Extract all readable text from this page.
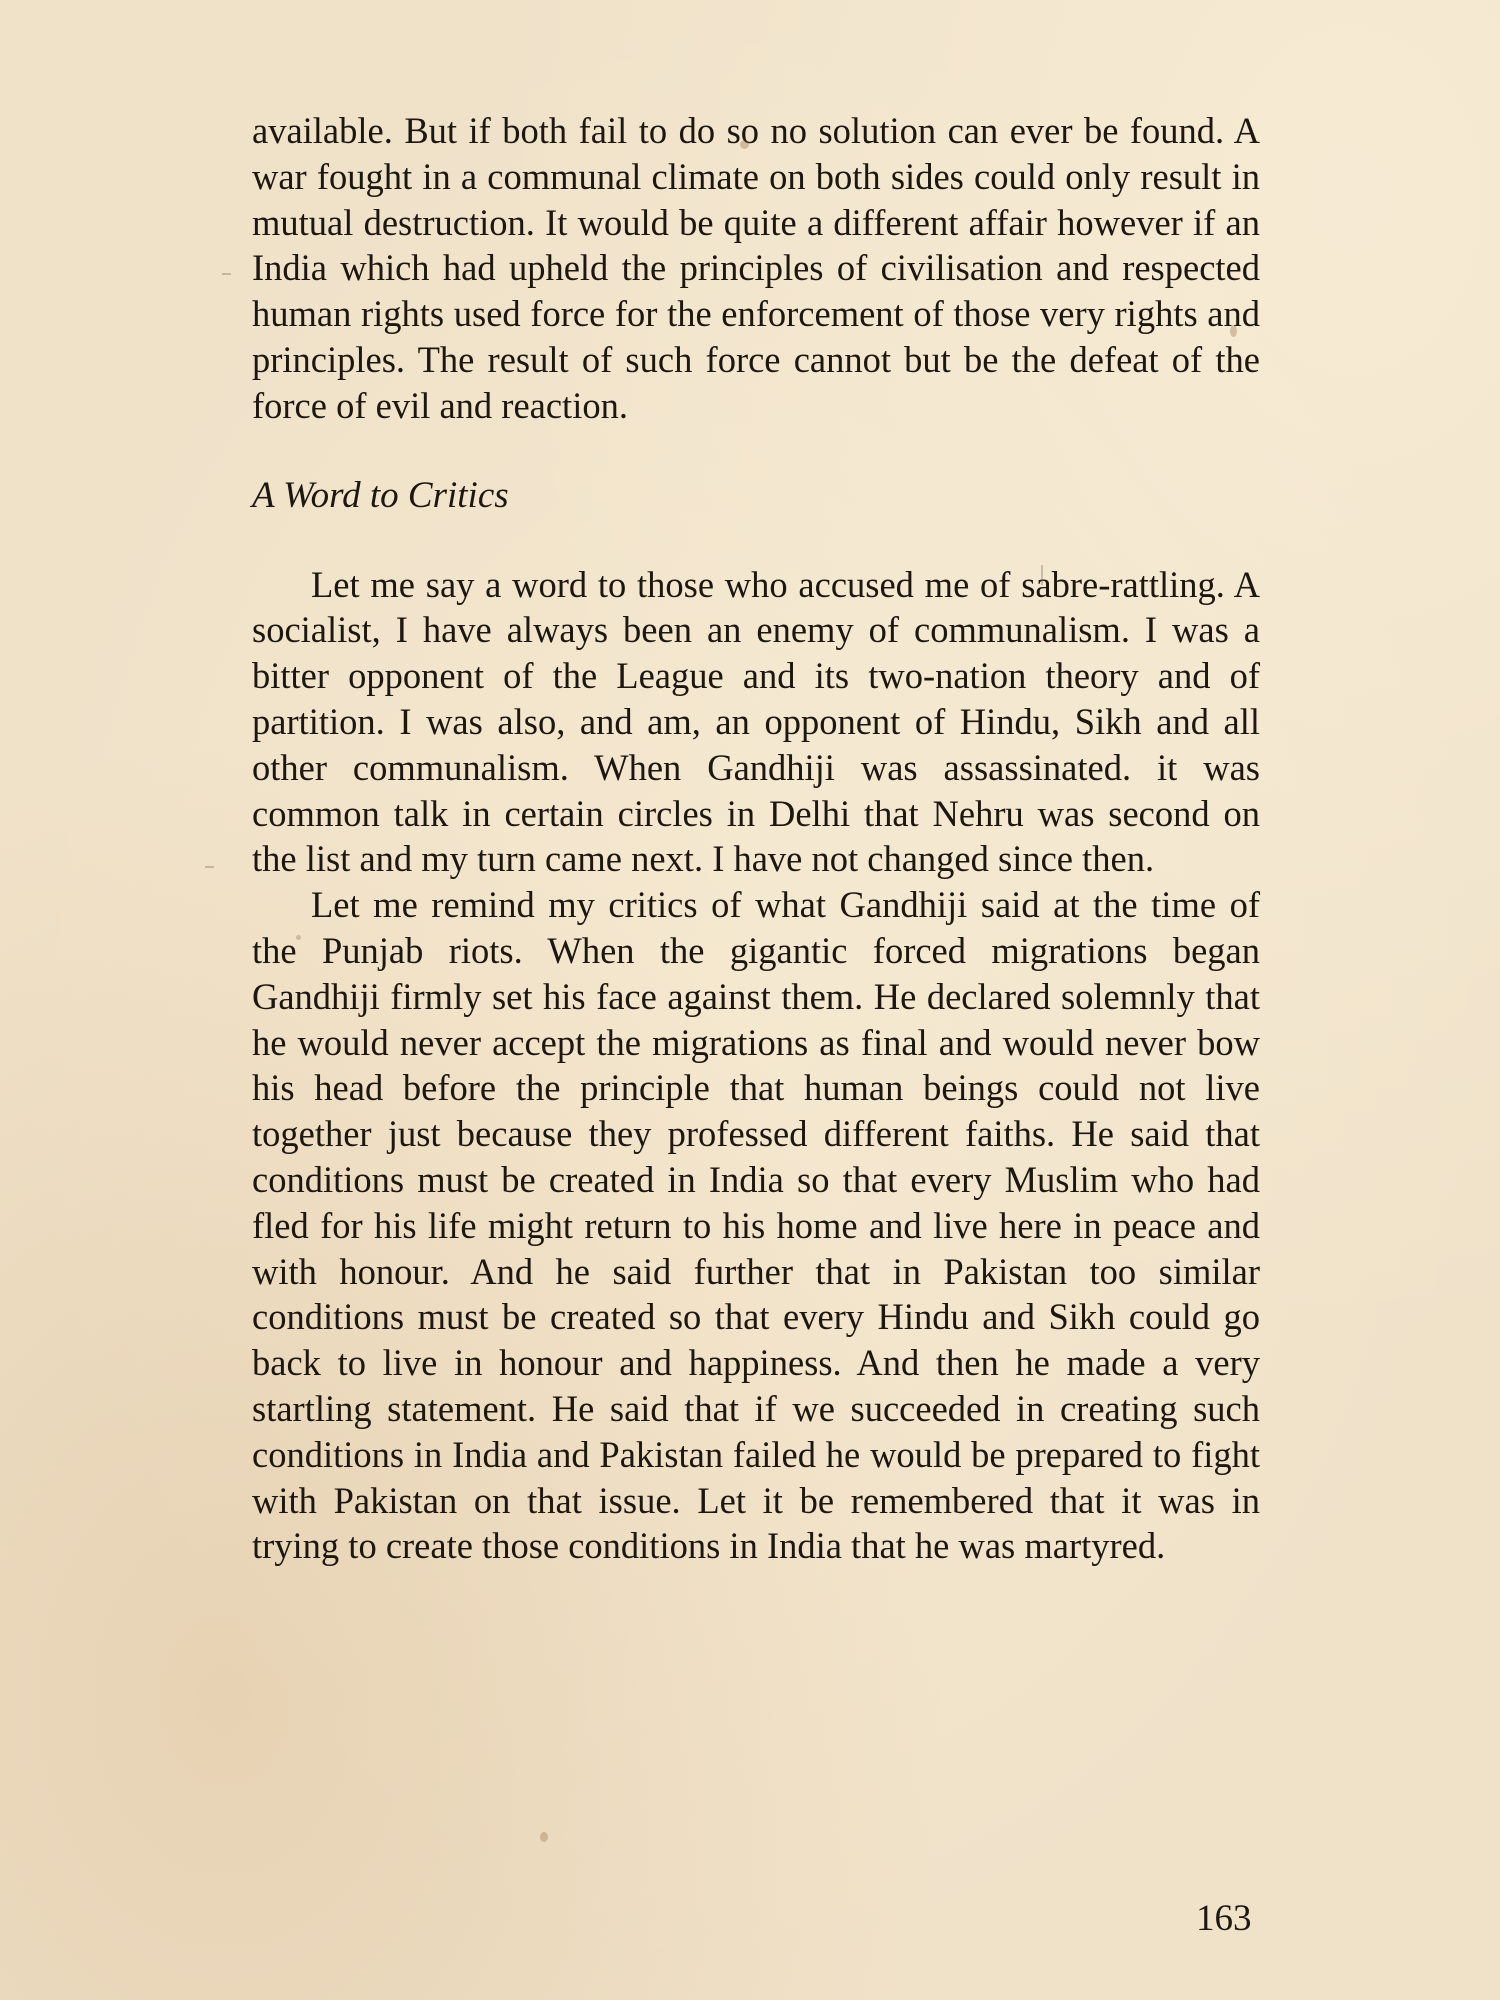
available. But if both fail to do so no solution can ever be found. A war fought in a communal climate on both sides could only result in mutual destruction. It would be quite a different affair however if an India which had upheld the principles of civilisation and respected human rights used force for the enforcement of those very rights and principles. The result of such force cannot but be the defeat of the force of evil and reaction.

A Word to Critics

Let me say a word to those who accused me of sabre-rattling. A socialist, I have always been an enemy of communalism. I was a bitter opponent of the League and its two-nation theory and of partition. I was also, and am, an opponent of Hindu, Sikh and all other communalism. When Gandhiji was assassinated. it was common talk in certain circles in Delhi that Nehru was second on the list and my turn came next. I have not changed since then.

Let me remind my critics of what Gandhiji said at the time of the Punjab riots. When the gigantic forced migrations began Gandhiji firmly set his face against them. He declared solemnly that he would never accept the migrations as final and would never bow his head before the principle that human beings could not live together just because they professed different faiths. He said that conditions must be created in India so that every Muslim who had fled for his life might return to his home and live here in peace and with honour. And he said further that in Pakistan too similar conditions must be created so that every Hindu and Sikh could go back to live in honour and happiness. And then he made a very startling statement. He said that if we succeeded in creating such conditions in India and Pakistan failed he would be prepared to fight with Pakistan on that issue. Let it be remembered that it was in trying to create those conditions in India that he was martyred.

163
